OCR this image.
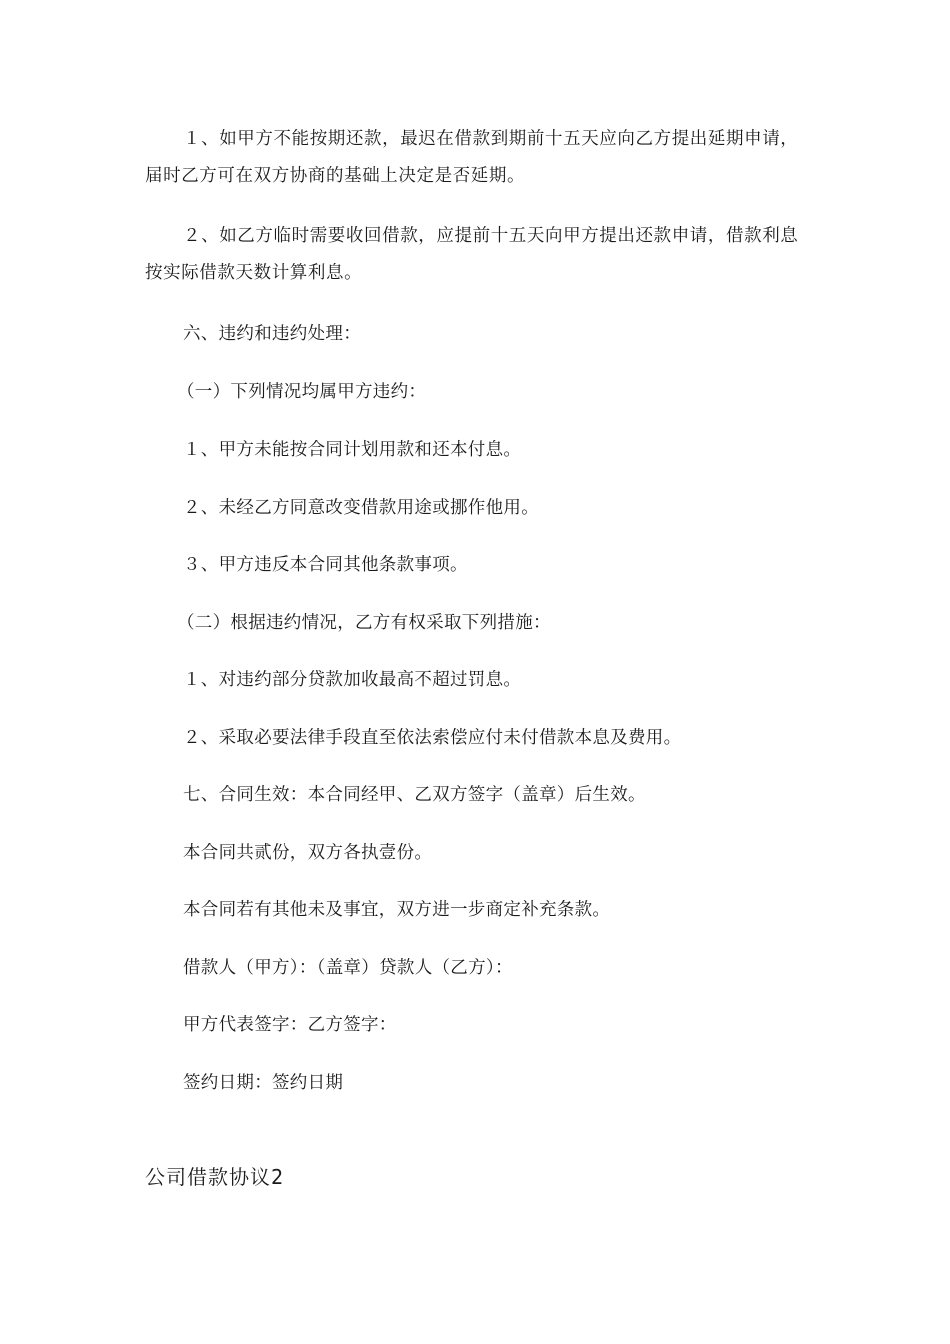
１、如甲方不能按期还款，最迟在借款到期前十五天应向乙方提出延期申请，届时乙方可在双方协商的基础上决定是否延期。
２、如乙方临时需要收回借款，应提前十五天向甲方提出还款申请，借款利息按实际借款天数计算利息。
六、违约和违约处理：
（一）下列情况均属甲方违约：
１、甲方未能按合同计划用款和还本付息。
２、未经乙方同意改变借款用途或挪作他用。
３、甲方违反本合同其他条款事项。
（二）根据违约情况，乙方有权采取下列措施：
１、对违约部分贷款加收最高不超过罚息。
２、采取必要法律手段直至依法索偿应付未付借款本息及费用。
七、合同生效：本合同经甲、乙双方签字（盖章）后生效。
本合同共贰份，双方各执壹份。
本合同若有其他未及事宜，双方进一步商定补充条款。
借款人（甲方）：（盖章）贷款人（乙方）：
甲方代表签字：乙方签字：
签约日期：签约日期
公司借款协议2
